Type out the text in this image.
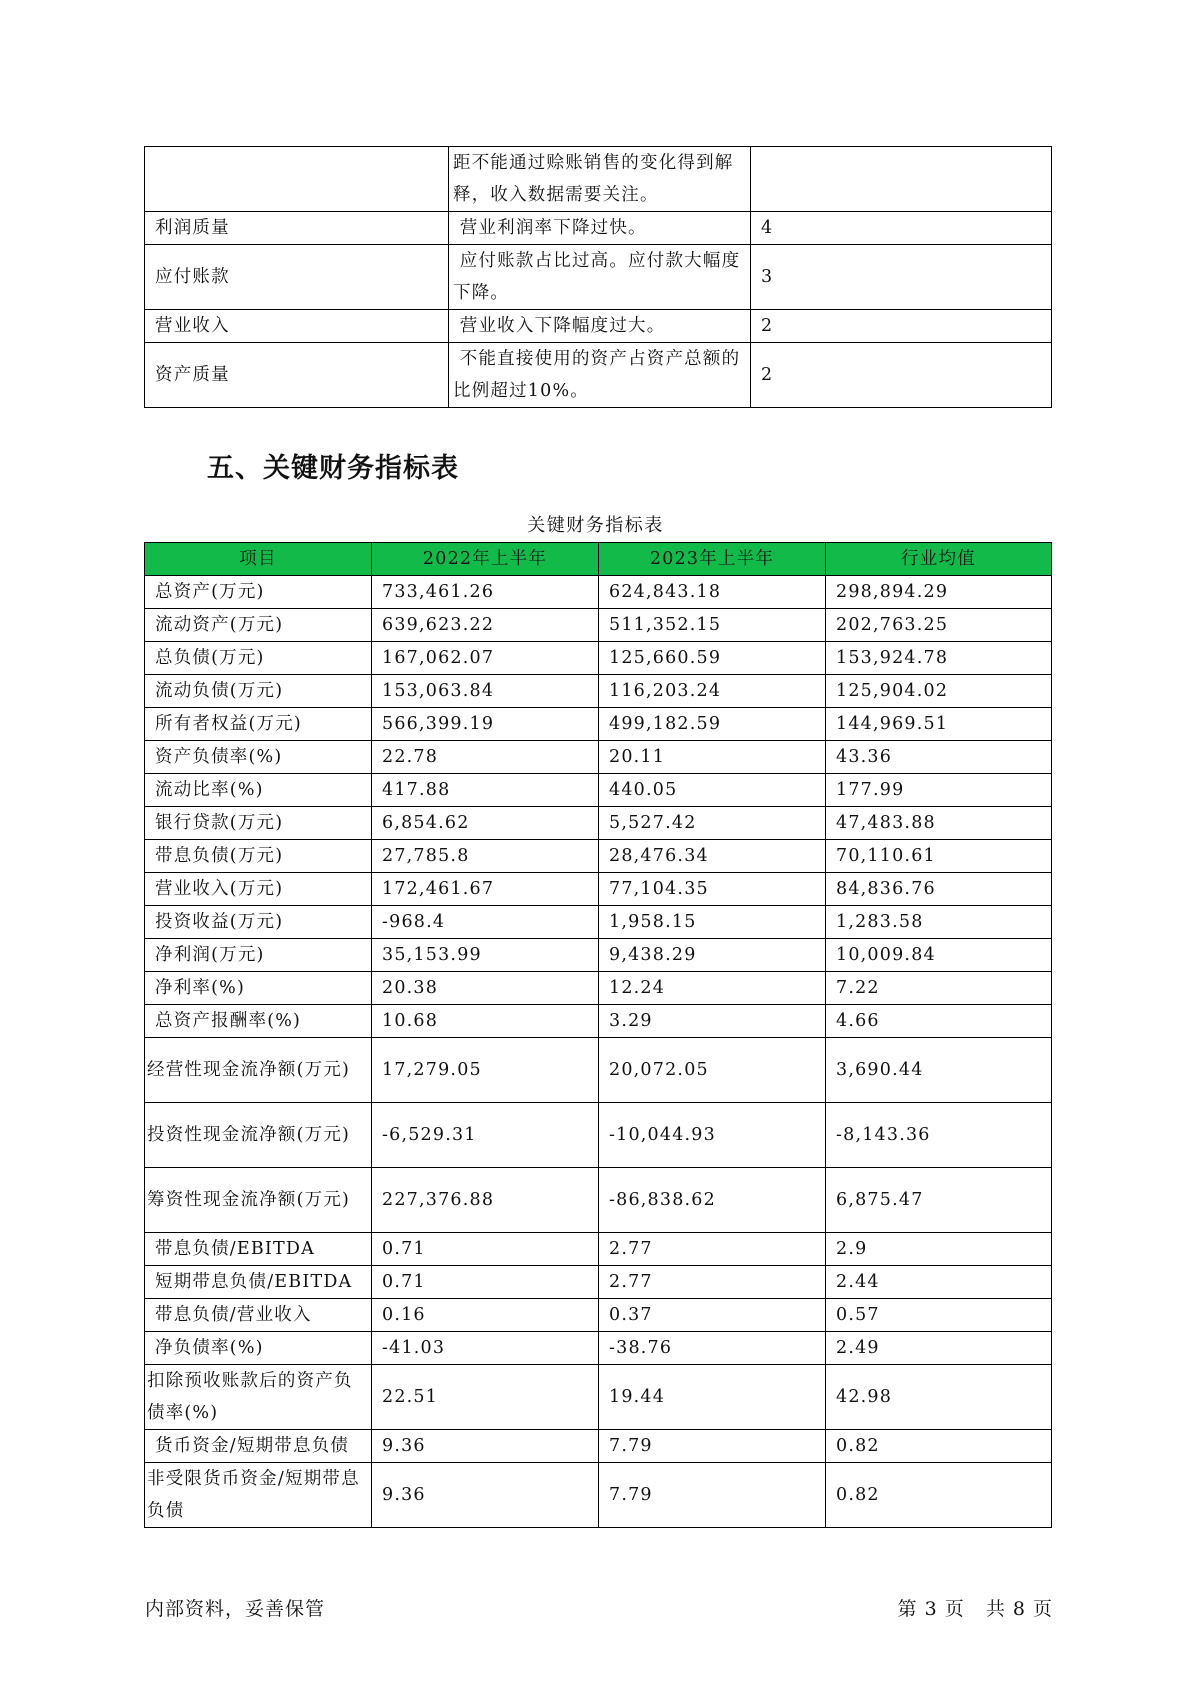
	距不能通过赊账销售的变化得到解释，收入数据需要关注。	
利润质量	营业利润率下降过快。	4
应付账款	应付账款占比过高。应付款大幅度下降。	3
营业收入	营业收入下降幅度过大。	2
资产质量	不能直接使用的资产占资产总额的比例超过10%。	2
五、关键财务指标表
关键财务指标表
项目	2022年上半年	2023年上半年	行业均值
总资产(万元)	733,461.26	624,843.18	298,894.29
流动资产(万元)	639,623.22	511,352.15	202,763.25
总负债(万元)	167,062.07	125,660.59	153,924.78
流动负债(万元)	153,063.84	116,203.24	125,904.02
所有者权益(万元)	566,399.19	499,182.59	144,969.51
资产负债率(%)	22.78	20.11	43.36
流动比率(%)	417.88	440.05	177.99
银行贷款(万元)	6,854.62	5,527.42	47,483.88
带息负债(万元)	27,785.8	28,476.34	70,110.61
营业收入(万元)	172,461.67	77,104.35	84,836.76
投资收益(万元)	-968.4	1,958.15	1,283.58
净利润(万元)	35,153.99	9,438.29	10,009.84
净利率(%)	20.38	12.24	7.22
总资产报酬率(%)	10.68	3.29	4.66
经营性现金流净额(万元)	17,279.05	20,072.05	3,690.44
投资性现金流净额(万元)	-6,529.31	-10,044.93	-8,143.36
筹资性现金流净额(万元)	227,376.88	-86,838.62	6,875.47
带息负债/EBITDA	0.71	2.77	2.9
短期带息负债/EBITDA	0.71	2.77	2.44
带息负债/营业收入	0.16	0.37	0.57
净负债率(%)	-41.03	-38.76	2.49
扣除预收账款后的资产负债率(%)	22.51	19.44	42.98
货币资金/短期带息负债	9.36	7.79	0.82
非受限货币资金/短期带息负债	9.36	7.79	0.82
内部资料，妥善保管	第 3 页   共 8 页
